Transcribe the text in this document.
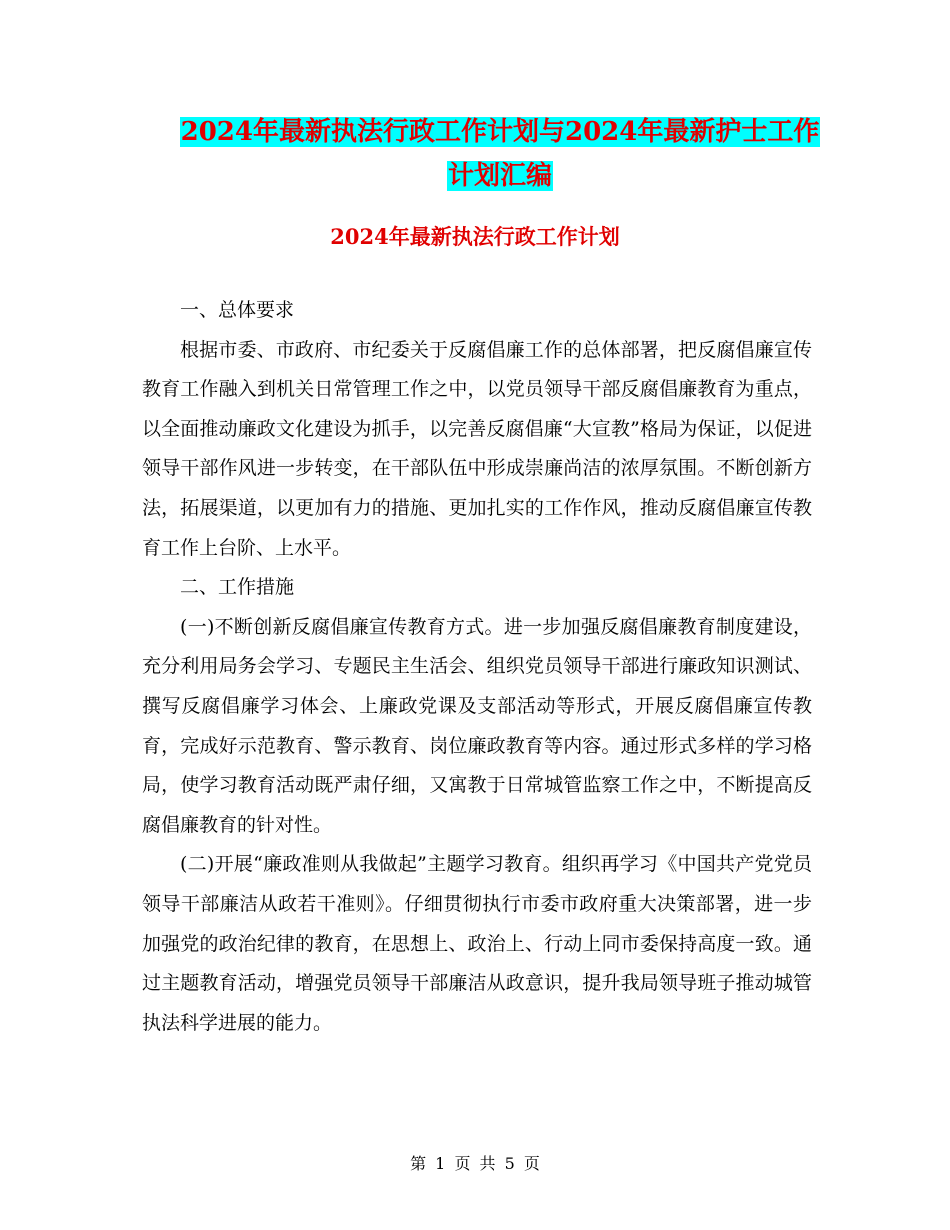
2024年最新执法行政工作计划与2024年最新护士工作
计划汇编
2024年最新执法行政工作计划

一、总体要求

根据市委、市政府、市纪委关于反腐倡廉工作的总体部署，把反腐倡廉宣传教育工作融入到机关日常管理工作之中，以党员领导干部反腐倡廉教育为重点，以全面推动廉政文化建设为抓手，以完善反腐倡廉“大宣教”格局为保证，以促进领导干部作风进一步转变，在干部队伍中形成崇廉尚洁的浓厚氛围。不断创新方法，拓展渠道，以更加有力的措施、更加扎实的工作作风，推动反腐倡廉宣传教育工作上台阶、上水平。

二、工作措施

(一)不断创新反腐倡廉宣传教育方式。进一步加强反腐倡廉教育制度建设，充分利用局务会学习、专题民主生活会、组织党员领导干部进行廉政知识测试、撰写反腐倡廉学习体会、上廉政党课及支部活动等形式，开展反腐倡廉宣传教育，完成好示范教育、警示教育、岗位廉政教育等内容。通过形式多样的学习格局，使学习教育活动既严肃仔细，又寓教于日常城管监察工作之中，不断提高反腐倡廉教育的针对性。

(二)开展“廉政准则从我做起”主题学习教育。组织再学习《中国共产党党员领导干部廉洁从政若干准则》。仔细贯彻执行市委市政府重大决策部署，进一步加强党的政治纪律的教育，在思想上、政治上、行动上同市委保持高度一致。通过主题教育活动，增强党员领导干部廉洁从政意识，提升我局领导班子推动城管执法科学进展的能力。

第 1 页 共 5 页
